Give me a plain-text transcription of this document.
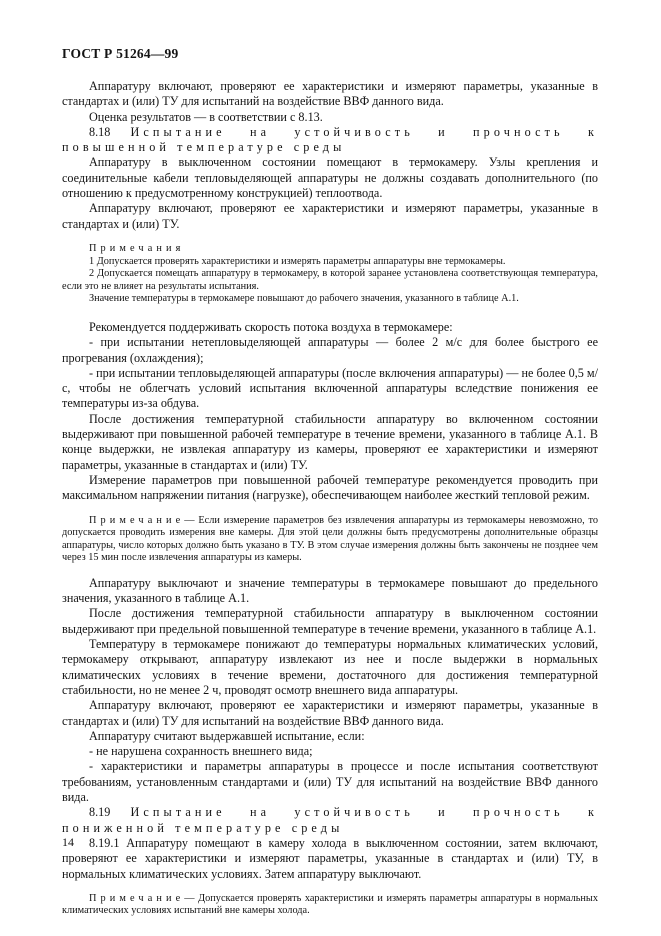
ГОСТ Р 51264—99

Аппаратуру включают, проверяют ее характеристики и измеряют параметры, указанные в стандартах и (или) ТУ для испытаний на воздействие ВВФ данного вида.

Оценка результатов — в соответствии с 8.13.

8.18 Испытание на устойчивость и прочность к повышенной температуре среды

Аппаратуру в выключенном состоянии помещают в термокамеру. Узлы крепления и соединительные кабели тепловыделяющей аппаратуры не должны создавать дополнительного (по отношению к предусмотренному конструкцией) теплоотвода.

Аппаратуру включают, проверяют ее характеристики и измеряют параметры, указанные в стандартах и (или) ТУ.

Примечания

1 Допускается проверять характеристики и измерять параметры аппаратуры вне термокамеры.

2 Допускается помещать аппаратуру в термокамеру, в которой заранее установлена соответствующая температура, если это не влияет на результаты испытания.

Значение температуры в термокамере повышают до рабочего значения, указанного в таблице А.1.

Рекомендуется поддерживать скорость потока воздуха в термокамере:

- при испытании нетепловыделяющей аппаратуры — более 2 м/с для более быстрого ее прогревания (охлаждения);

- при испытании тепловыделяющей аппаратуры (после включения аппаратуры) — не более 0,5 м/с, чтобы не облегчать условий испытания включенной аппаратуры вследствие понижения ее температуры из-за обдува.

После достижения температурной стабильности аппаратуру во включенном состоянии выдерживают при повышенной рабочей температуре в течение времени, указанного в таблице А.1. В конце выдержки, не извлекая аппаратуру из камеры, проверяют ее характеристики и измеряют параметры, указанные в стандартах и (или) ТУ.

Измерение параметров при повышенной рабочей температуре рекомендуется проводить при максимальном напряжении питания (нагрузке), обеспечивающем наиболее жесткий тепловой режим.

Примечание— Если измерение параметров без извлечения аппаратуры из термокамеры невозможно, то допускается проводить измерения вне камеры. Для этой цели должны быть предусмотрены дополнительные образцы аппаратуры, число которых должно быть указано в ТУ. В этом случае измерения должны быть закончены не позднее чем через 15 мин после извлечения аппаратуры из камеры.

Аппаратуру выключают и значение температуры в термокамере повышают до предельного значения, указанного в таблице А.1.

После достижения температурной стабильности аппаратуру в выключенном состоянии выдерживают при предельной повышенной температуре в течение времени, указанного в таблице А.1.

Температуру в термокамере понижают до температуры нормальных климатических условий, термокамеру открывают, аппаратуру извлекают из нее и после выдержки в нормальных климатических условиях в течение времени, достаточного для достижения температурной стабильности, но не менее 2 ч, проводят осмотр внешнего вида аппаратуры.

Аппаратуру включают, проверяют ее характеристики и измеряют параметры, указанные в стандартах и (или) ТУ для испытаний на воздействие ВВФ данного вида.

Аппаратуру считают выдержавшей испытание, если:

- не нарушена сохранность внешнего вида;

- характеристики и параметры аппаратуры в процессе и после испытания соответствуют требованиям, установленным стандартами и (или) ТУ для испытаний на воздействие ВВФ данного вида.

8.19 Испытание на устойчивость и прочность к пониженной температуре среды

8.19.1 Аппаратуру помещают в камеру холода в выключенном состоянии, затем включают, проверяют ее характеристики и измеряют параметры, указанные в стандартах и (или) ТУ, в нормальных климатических условиях. Затем аппаратуру выключают.

Примечание— Допускается проверять характеристики и измерять параметры аппаратуры в нормальных климатических условиях испытаний вне камеры холода.

14
